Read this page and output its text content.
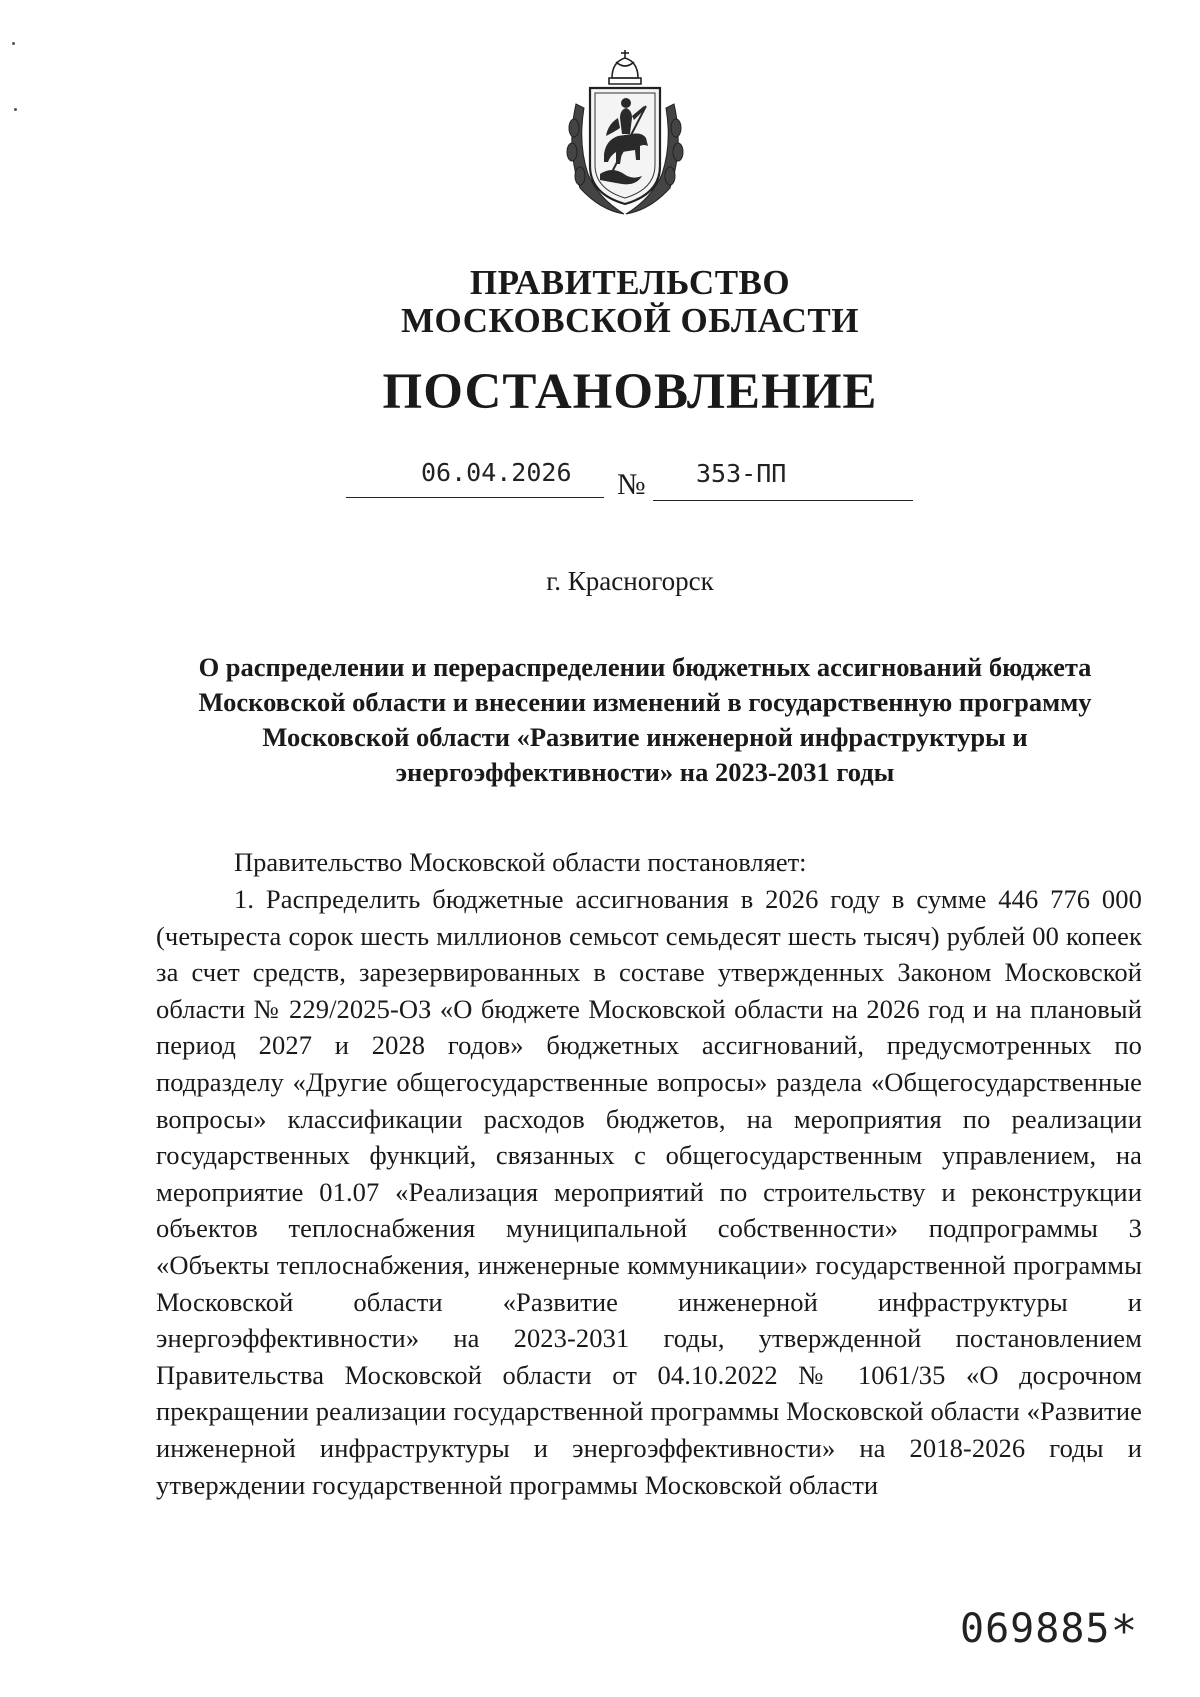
ПРАВИТЕЛЬСТВО
МОСКОВСКОЙ ОБЛАСТИ
ПОСТАНОВЛЕНИЕ
06.04.2026 № 353-ПП
г. Красногорск
О распределении и перераспределении бюджетных ассигнований бюджета Московской области и внесении изменений в государственную программу Московской области «Развитие инженерной инфраструктуры и энергоэффективности» на 2023-2031 годы
Правительство Московской области постановляет:
1. Распределить бюджетные ассигнования в 2026 году в сумме 446 776 000 (четыреста сорок шесть миллионов семьсот семьдесят шесть тысяч) рублей 00 копеек за счет средств, зарезервированных в составе утвержденных Законом Московской области № 229/2025-ОЗ «О бюджете Московской области на 2026 год и на плановый период 2027 и 2028 годов» бюджетных ассигнований, предусмотренных по подразделу «Другие общегосударственные вопросы» раздела «Общегосударственные вопросы» классификации расходов бюджетов, на мероприятия по реализации государственных функций, связанных с общегосударственным управлением, на мероприятие 01.07 «Реализация мероприятий по строительству и реконструкции объектов теплоснабжения муниципальной собственности» подпрограммы 3 «Объекты теплоснабжения, инженерные коммуникации» государственной программы Московской области «Развитие инженерной инфраструктуры и энергоэффективности» на 2023-2031 годы, утвержденной постановлением Правительства Московской области от 04.10.2022 № 1061/35 «О досрочном прекращении реализации государственной программы Московской области «Развитие инженерной инфраструктуры и энергоэффективности» на 2018-2026 годы и утверждении государственной программы Московской области
069885 *
